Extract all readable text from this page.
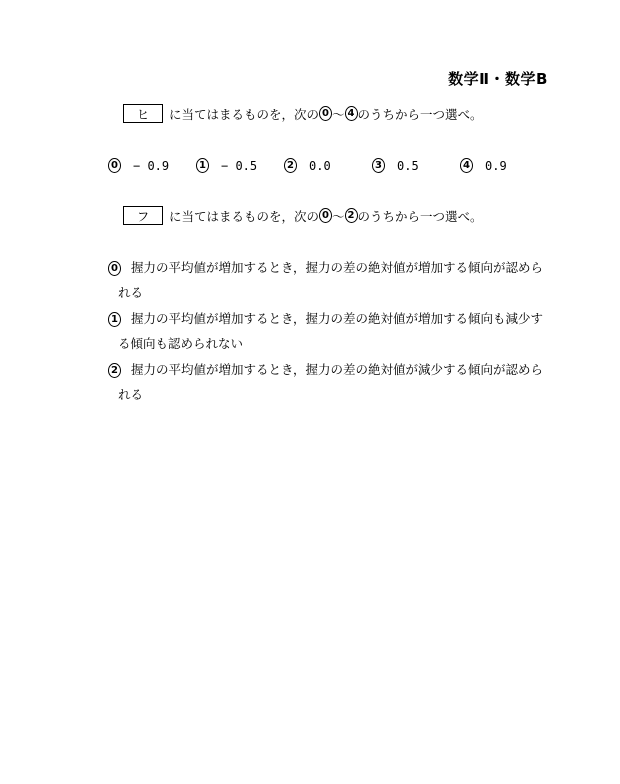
数学Ⅱ・数学B
ヒ	に当てはまるものを，次の 0 〜 4 のうちから一つ選べ。
0 − 0.9	1 − 0.5	2 0.0	3 0.5	4 0.9
フ	に当てはまるものを，次の 0 〜 2 のうちから一つ選べ。
0 握力の平均値が増加するとき，握力の差の絶対値が増加する傾向が認めら
れる
1 握力の平均値が増加するとき，握力の差の絶対値が増加する傾向も減少す
る傾向も認められない
2 握力の平均値が増加するとき，握力の差の絶対値が減少する傾向が認めら
れる
